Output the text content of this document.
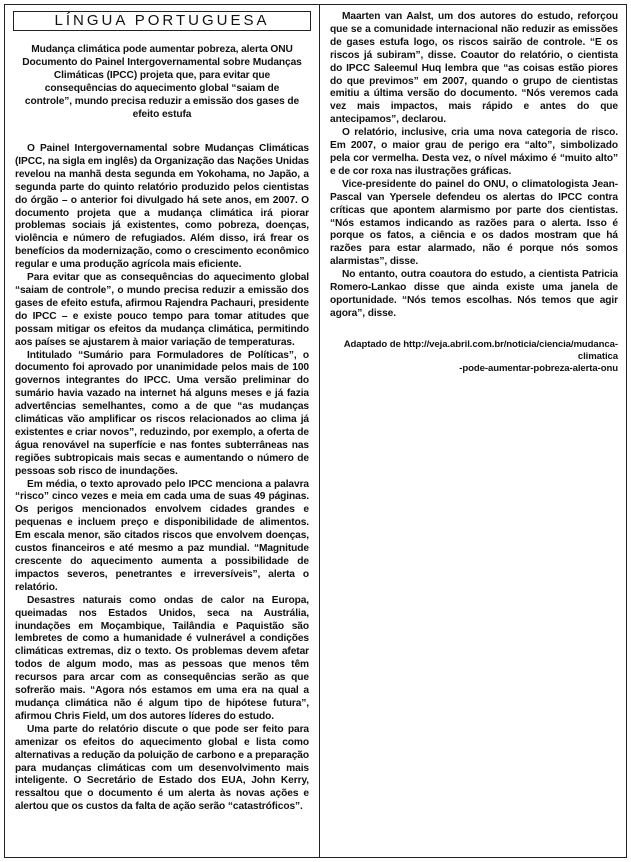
LÍNGUA PORTUGUESA
Mudança climática pode aumentar pobreza, alerta ONU Documento do Painel Intergovernamental sobre Mudanças Climáticas (IPCC) projeta que, para evitar que consequências do aquecimento global “saiam de controle”, mundo precisa reduzir a emissão dos gases de efeito estufa

O Painel Intergovernamental sobre Mudanças Climáticas (IPCC, na sigla em inglês) da Organização das Nações Unidas revelou na manhã desta segunda em Yokohama, no Japão, a segunda parte do quinto relatório produzido pelos cientistas do órgão – o anterior foi divulgado há sete anos, em 2007. O documento projeta que a mudança climática irá piorar problemas sociais já existentes, como pobreza, doenças, violência e número de refugiados. Além disso, irá frear os benefícios da modernização, como o crescimento econômico regular e uma produção agrícola mais eficiente.

Para evitar que as consequências do aquecimento global “saiam de controle”, o mundo precisa reduzir a emissão dos gases de efeito estufa, afirmou Rajendra Pachauri, presidente do IPCC – e existe pouco tempo para tomar atitudes que possam mitigar os efeitos da mudança climática, permitindo aos países se ajustarem à maior variação de temperaturas.

Intitulado “Sumário para Formuladores de Políticas”, o documento foi aprovado por unanimidade pelos mais de 100 governos integrantes do IPCC. Uma versão preliminar do sumário havia vazado na internet há alguns meses e já fazia advertências semelhantes, como a de que “as mudanças climáticas vão amplificar os riscos relacionados ao clima já existentes e criar novos”, reduzindo, por exemplo, a oferta de água renovável na superfície e nas fontes subterrâneas nas regiões subtropicais mais secas e aumentando o número de pessoas sob risco de inundações.

Em média, o texto aprovado pelo IPCC menciona a palavra “risco” cinco vezes e meia em cada uma de suas 49 páginas. Os perigos mencionados envolvem cidades grandes e pequenas e incluem preço e disponibilidade de alimentos. Em escala menor, são citados riscos que envolvem doenças, custos financeiros e até mesmo a paz mundial. “Magnitude crescente do aquecimento aumenta a possibilidade de impactos severos, penetrantes e irreversíveis”, alerta o relatório.

Desastres naturais como ondas de calor na Europa, queimadas nos Estados Unidos, seca na Austrália, inundações em Moçambique, Tailândia e Paquistão são lembretes de como a humanidade é vulnerável a condições climáticas extremas, diz o texto. Os problemas devem afetar todos de algum modo, mas as pessoas que menos têm recursos para arcar com as consequências serão as que sofrerão mais. “Agora nós estamos em uma era na qual a mudança climática não é algum tipo de hipótese futura”, afirmou Chris Field, um dos autores líderes do estudo.

Uma parte do relatório discute o que pode ser feito para amenizar os efeitos do aquecimento global e lista como alternativas a redução da poluição de carbono e a preparação para mudanças climáticas com um desenvolvimento mais inteligente. O Secretário de Estado dos EUA, John Kerry, ressaltou que o documento é um alerta às novas ações e alertou que os custos da falta de ação serão “catastróficos”.

Maarten van Aalst, um dos autores do estudo, reforçou que se a comunidade internacional não reduzir as emissões de gases estufa logo, os riscos sairão de controle. “E os riscos já subiram”, disse. Coautor do relatório, o cientista do IPCC Saleemul Huq lembra que “as coisas estão piores do que previmos” em 2007, quando o grupo de cientistas emitiu a última versão do documento. “Nós veremos cada vez mais impactos, mais rápido e antes do que antecipamos”, declarou.

O relatório, inclusive, cria uma nova categoria de risco. Em 2007, o maior grau de perigo era “alto”, simbolizado pela cor vermelha. Desta vez, o nível máximo é “muito alto” e de cor roxa nas ilustrações gráficas.

Vice-presidente do painel do ONU, o climatologista Jean-Pascal van Ypersele defendeu os alertas do IPCC contra críticas que apontem alarmismo por parte dos cientistas. “Nós estamos indicando as razões para o alerta. Isso é porque os fatos, a ciência e os dados mostram que há razões para estar alarmado, não é porque nós somos alarmistas”, disse.

No entanto, outra coautora do estudo, a cientista Patricia Romero-Lankao disse que ainda existe uma janela de oportunidade. “Nós temos escolhas. Nós temos que agir agora”, disse.

Adaptado de http://veja.abril.com.br/noticia/ciencia/mudanca-climatica
-pode-aumentar-pobreza-alerta-onu
